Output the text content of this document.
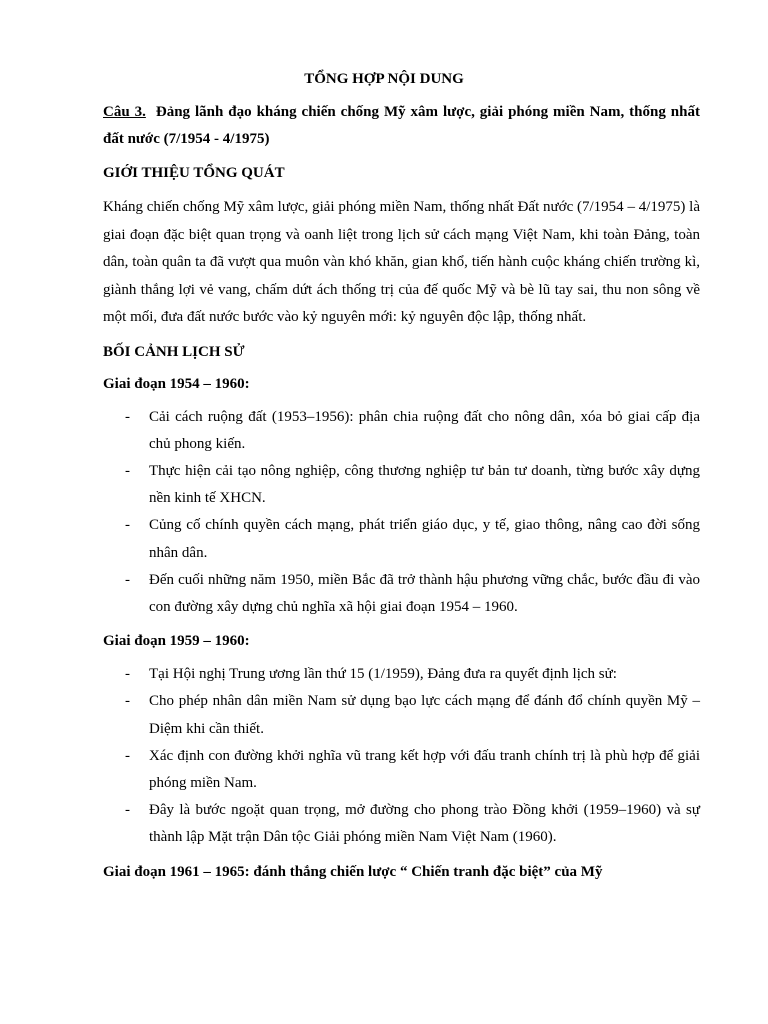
TỔNG HỢP NỘI DUNG

Câu 3. Đảng lãnh đạo kháng chiến chống Mỹ xâm lược, giải phóng miền Nam, thống nhất đất nước (7/1954 - 4/1975)

GIỚI THIỆU TỔNG QUÁT

Kháng chiến chống Mỹ xâm lược, giải phóng miền Nam, thống nhất Đất nước (7/1954 – 4/1975) là giai đoạn đặc biệt quan trọng và oanh liệt trong lịch sử cách mạng Việt Nam, khi toàn Đảng, toàn dân, toàn quân ta đã vượt qua muôn vàn khó khăn, gian khổ, tiến hành cuộc kháng chiến trường kì, giành thắng lợi vẻ vang, chấm dứt ách thống trị của đế quốc Mỹ và bè lũ tay sai, thu non sông về một mối, đưa đất nước bước vào kỷ nguyên mới: kỷ nguyên độc lập, thống nhất.

BỐI CẢNH LỊCH SỬ
Giai đoạn 1954 – 1960:
- Cải cách ruộng đất (1953–1956): phân chia ruộng đất cho nông dân, xóa bỏ giai cấp địa chủ phong kiến.
- Thực hiện cải tạo nông nghiệp, công thương nghiệp tư bản tư doanh, từng bước xây dựng nền kinh tế XHCN.
- Củng cố chính quyền cách mạng, phát triển giáo dục, y tế, giao thông, nâng cao đời sống nhân dân.
- Đến cuối những năm 1950, miền Bắc đã trở thành hậu phương vững chắc, bước đầu đi vào con đường xây dựng chủ nghĩa xã hội giai đoạn 1954 – 1960.
Giai đoạn 1959 – 1960:
- Tại Hội nghị Trung ương lần thứ 15 (1/1959), Đảng đưa ra quyết định lịch sử:
- Cho phép nhân dân miền Nam sử dụng bạo lực cách mạng để đánh đổ chính quyền Mỹ – Diệm khi cần thiết.
- Xác định con đường khởi nghĩa vũ trang kết hợp với đấu tranh chính trị là phù hợp để giải phóng miền Nam.
- Đây là bước ngoặt quan trọng, mở đường cho phong trào Đồng khởi (1959–1960) và sự thành lập Mặt trận Dân tộc Giải phóng miền Nam Việt Nam (1960).
Giai đoạn 1961 – 1965: đánh thắng chiến lược “ Chiến tranh đặc biệt” của Mỹ
